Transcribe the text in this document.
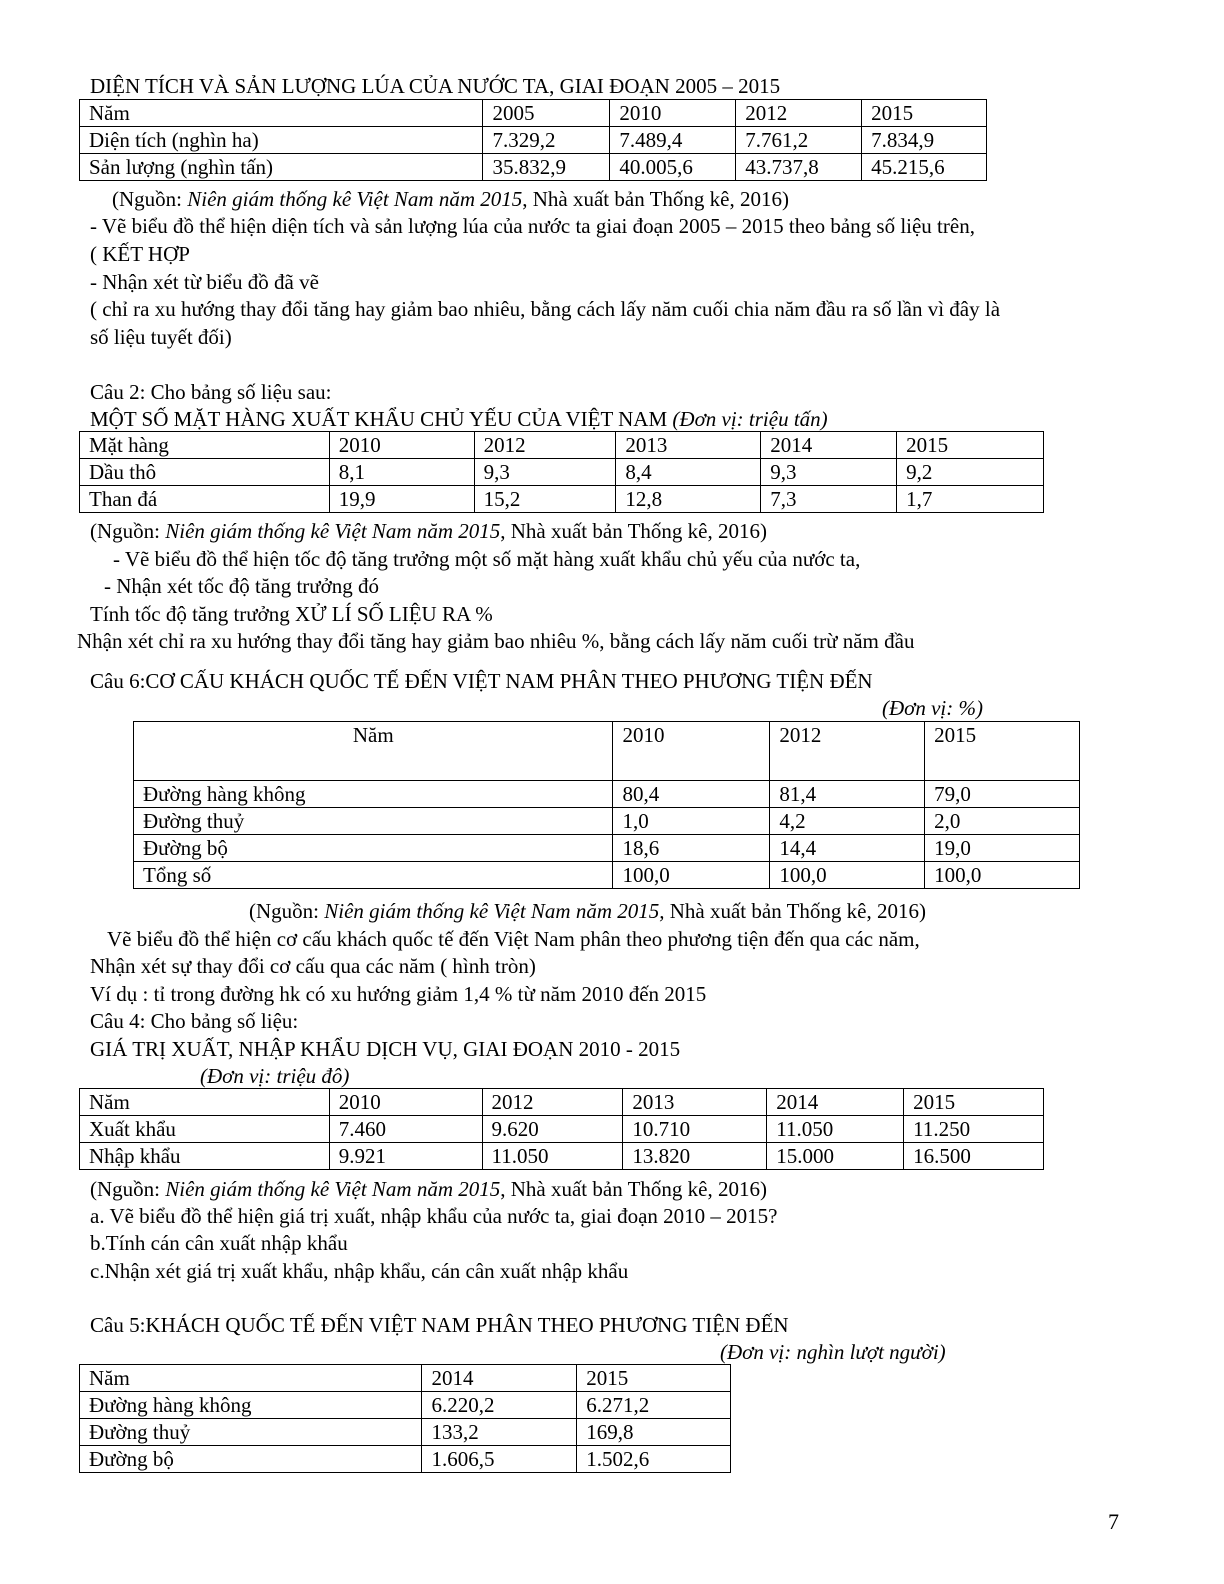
DIỆN TÍCH VÀ SẢN LƯỢNG LÚA CỦA NƯỚC TA, GIAI ĐOẠN 2005 – 2015
Năm	2005	2010	2012	2015
Diện tích (nghìn ha)	7.329,2	7.489,4	7.761,2	7.834,9
Sản lượng (nghìn tấn)	35.832,9	40.005,6	43.737,8	45.215,6
(Nguồn: Niên giám thống kê Việt Nam năm 2015, Nhà xuất bản Thống kê, 2016)
- Vẽ biểu đồ thể hiện diện tích và sản lượng lúa của nước ta giai đoạn 2005 – 2015 theo bảng số liệu trên,
( KẾT HỢP
- Nhận xét từ biểu đồ đã vẽ
( chỉ ra xu hướng thay đổi tăng hay giảm bao nhiêu, bằng cách lấy năm cuối chia năm đầu ra số lần vì đây là
số liệu tuyết đối)
Câu 2: Cho bảng số liệu sau:
MỘT SỐ MẶT HÀNG XUẤT KHẨU CHỦ YẾU CỦA VIỆT NAM (Đơn vị: triệu tấn)
Mặt hàng	2010	2012	2013	2014	2015
Dầu thô	8,1	9,3	8,4	9,3	9,2
Than đá	19,9	15,2	12,8	7,3	1,7
(Nguồn: Niên giám thống kê Việt Nam năm 2015, Nhà xuất bản Thống kê, 2016)
- Vẽ biểu đồ thể hiện tốc độ tăng trưởng một số mặt hàng xuất khẩu chủ yếu của nước ta,
- Nhận xét tốc độ tăng trưởng đó
Tính tốc độ tăng trưởng XỬ LÍ SỐ LIỆU RA %
Nhận xét chỉ ra xu hướng thay đổi tăng hay giảm bao nhiêu %, bằng cách lấy năm cuối trừ năm đầu
Câu 6:CƠ CẤU KHÁCH QUỐC TẾ ĐẾN VIỆT NAM PHÂN THEO PHƯƠNG TIỆN ĐẾN
(Đơn vị: %)
Năm	2010	2012	2015
Đường hàng không	80,4	81,4	79,0
Đường thuỷ	1,0	4,2	2,0
Đường bộ	18,6	14,4	19,0
Tổng số	100,0	100,0	100,0
(Nguồn: Niên giám thống kê Việt Nam năm 2015, Nhà xuất bản Thống kê, 2016)
Vẽ biểu đồ thể hiện cơ cấu khách quốc tế đến Việt Nam phân theo phương tiện đến qua các năm,
Nhận xét sự thay đổi cơ cấu qua các năm ( hình tròn)
Ví dụ : tỉ trong đường hk có xu hướng giảm 1,4 % từ năm 2010 đến 2015
Câu 4: Cho bảng số liệu:
GIÁ TRỊ XUẤT, NHẬP KHẨU DỊCH VỤ, GIAI ĐOẠN 2010 - 2015
(Đơn vị: triệu đô)
Năm	2010	2012	2013	2014	2015
Xuất khẩu	7.460	9.620	10.710	11.050	11.250
Nhập khẩu	9.921	11.050	13.820	15.000	16.500
(Nguồn: Niên giám thống kê Việt Nam năm 2015, Nhà xuất bản Thống kê, 2016)
a. Vẽ biểu đồ thể hiện giá trị xuất, nhập khẩu của nước ta, giai đoạn 2010 – 2015?
b.Tính cán cân xuất nhập khẩu
c.Nhận xét giá trị xuất khẩu, nhập khẩu, cán cân xuất nhập khẩu
Câu 5:KHÁCH QUỐC TẾ ĐẾN VIỆT NAM PHÂN THEO PHƯƠNG TIỆN ĐẾN
(Đơn vị: nghìn lượt người)
Năm	2014	2015
Đường hàng không	6.220,2	6.271,2
Đường thuỷ	133,2	169,8
Đường bộ	1.606,5	1.502,6
7
